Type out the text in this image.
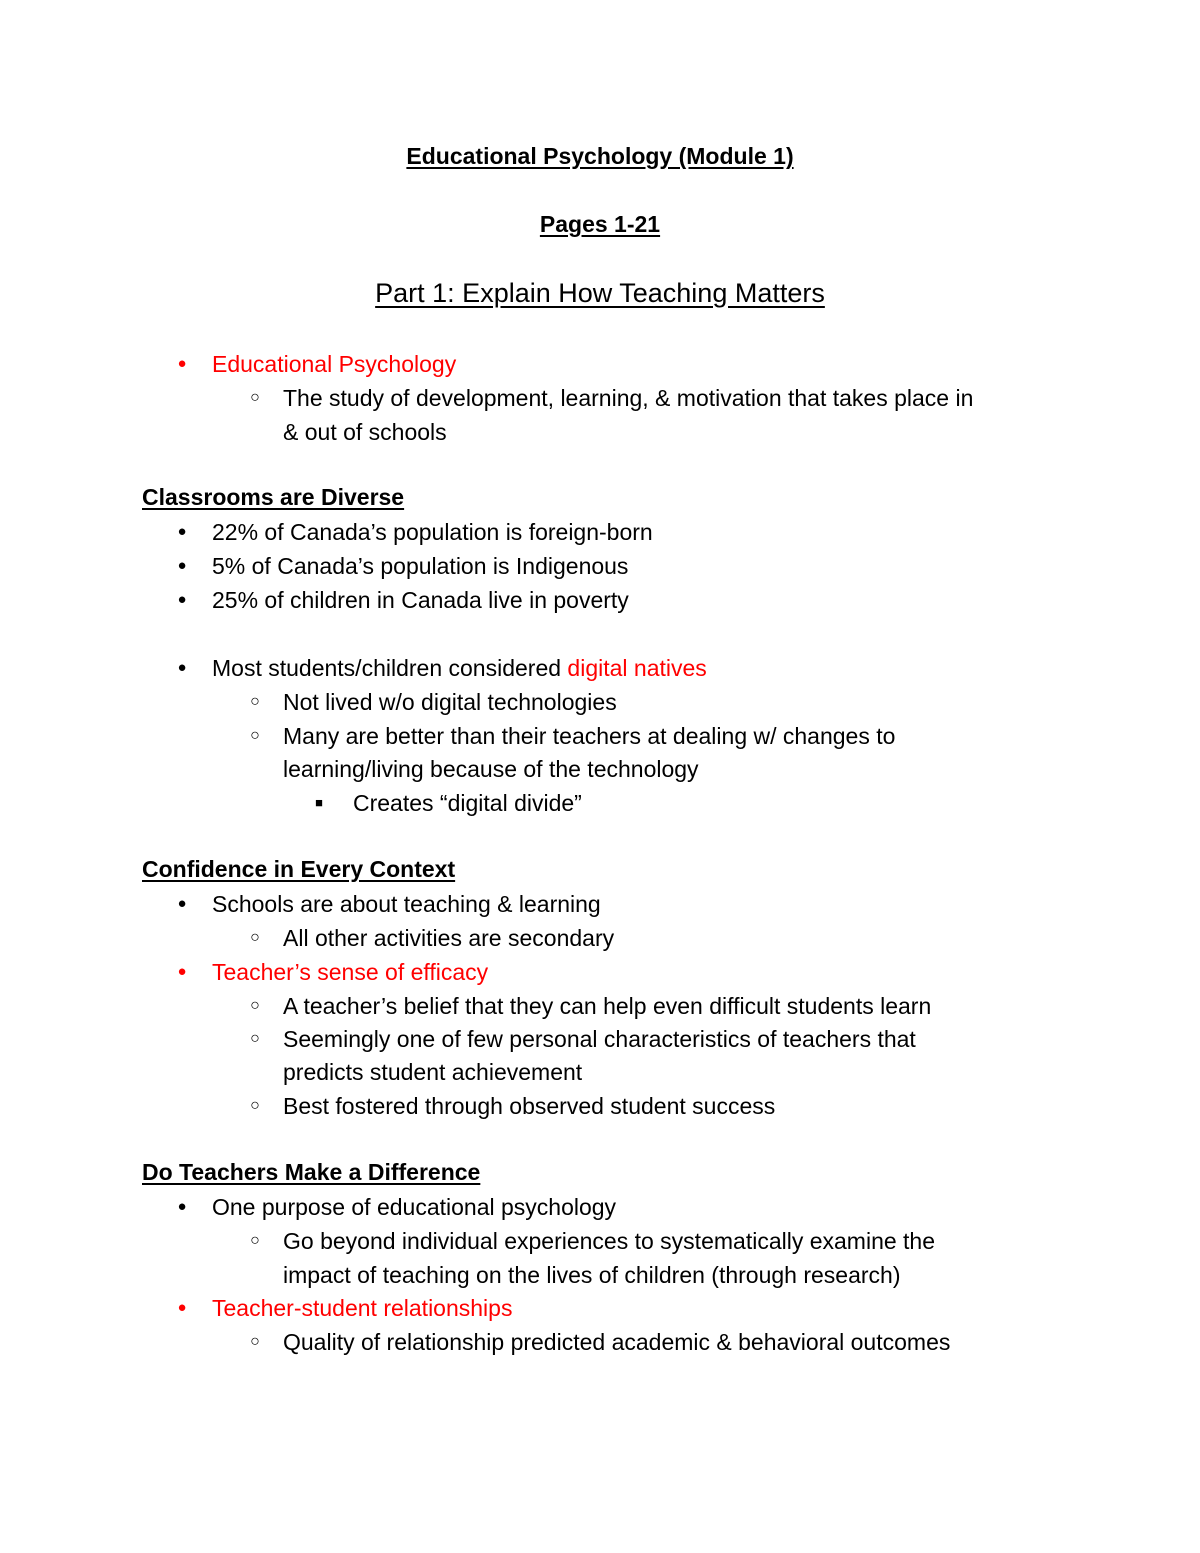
Educational Psychology (Module 1)
Pages 1-21
Part 1: Explain How Teaching Matters
● Educational Psychology
○ The study of development, learning, & motivation that takes place in
& out of schools
Classrooms are Diverse
● 22% of Canada’s population is foreign-born
● 5% of Canada’s population is Indigenous
● 25% of children in Canada live in poverty
● Most students/children considered digital natives
○ Not lived w/o digital technologies
○ Many are better than their teachers at dealing w/ changes to
learning/living because of the technology
■ Creates “digital divide”
Confidence in Every Context
● Schools are about teaching & learning
○ All other activities are secondary
● Teacher’s sense of efficacy
○ A teacher’s belief that they can help even difficult students learn
○ Seemingly one of few personal characteristics of teachers that
predicts student achievement
○ Best fostered through observed student success
Do Teachers Make a Difference
● One purpose of educational psychology
○ Go beyond individual experiences to systematically examine the
impact of teaching on the lives of children (through research)
● Teacher-student relationships
○ Quality of relationship predicted academic & behavioral outcomes
